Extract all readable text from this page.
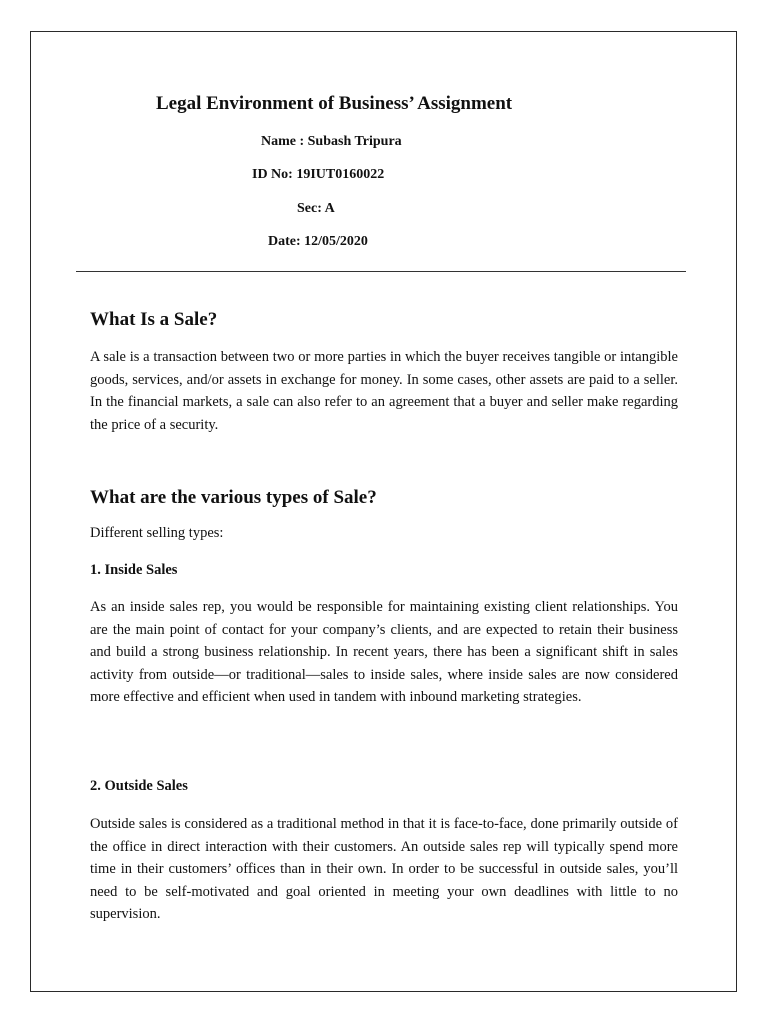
Legal Environment of Business’ Assignment

Name : Subash Tripura

ID No: 19IUT0160022

Sec: A

Date: 12/05/2020

What Is a Sale?

A sale is a transaction between two or more parties in which the buyer receives tangible or intangible goods, services, and/or assets in exchange for money. In some cases, other assets are paid to a seller. In the financial markets, a sale can also refer to an agreement that a buyer and seller make regarding the price of a security.

What are the various types of Sale?

Different selling types:

1. Inside Sales

As an inside sales rep, you would be responsible for maintaining existing client relationships. You are the main point of contact for your company’s clients, and are expected to retain their business and build a strong business relationship. In recent years, there has been a significant shift in sales activity from outside—or traditional—sales to inside sales, where inside sales are now considered more effective and efficient when used in tandem with inbound marketing strategies.

2. Outside Sales

Outside sales is considered as a traditional method in that it is face-to-face, done primarily outside of the office in direct interaction with their customers. An outside sales rep will typically spend more time in their customers’ offices than in their own. In order to be successful in outside sales, you’ll need to be self-motivated and goal oriented in meeting your own deadlines with little to no supervision.
